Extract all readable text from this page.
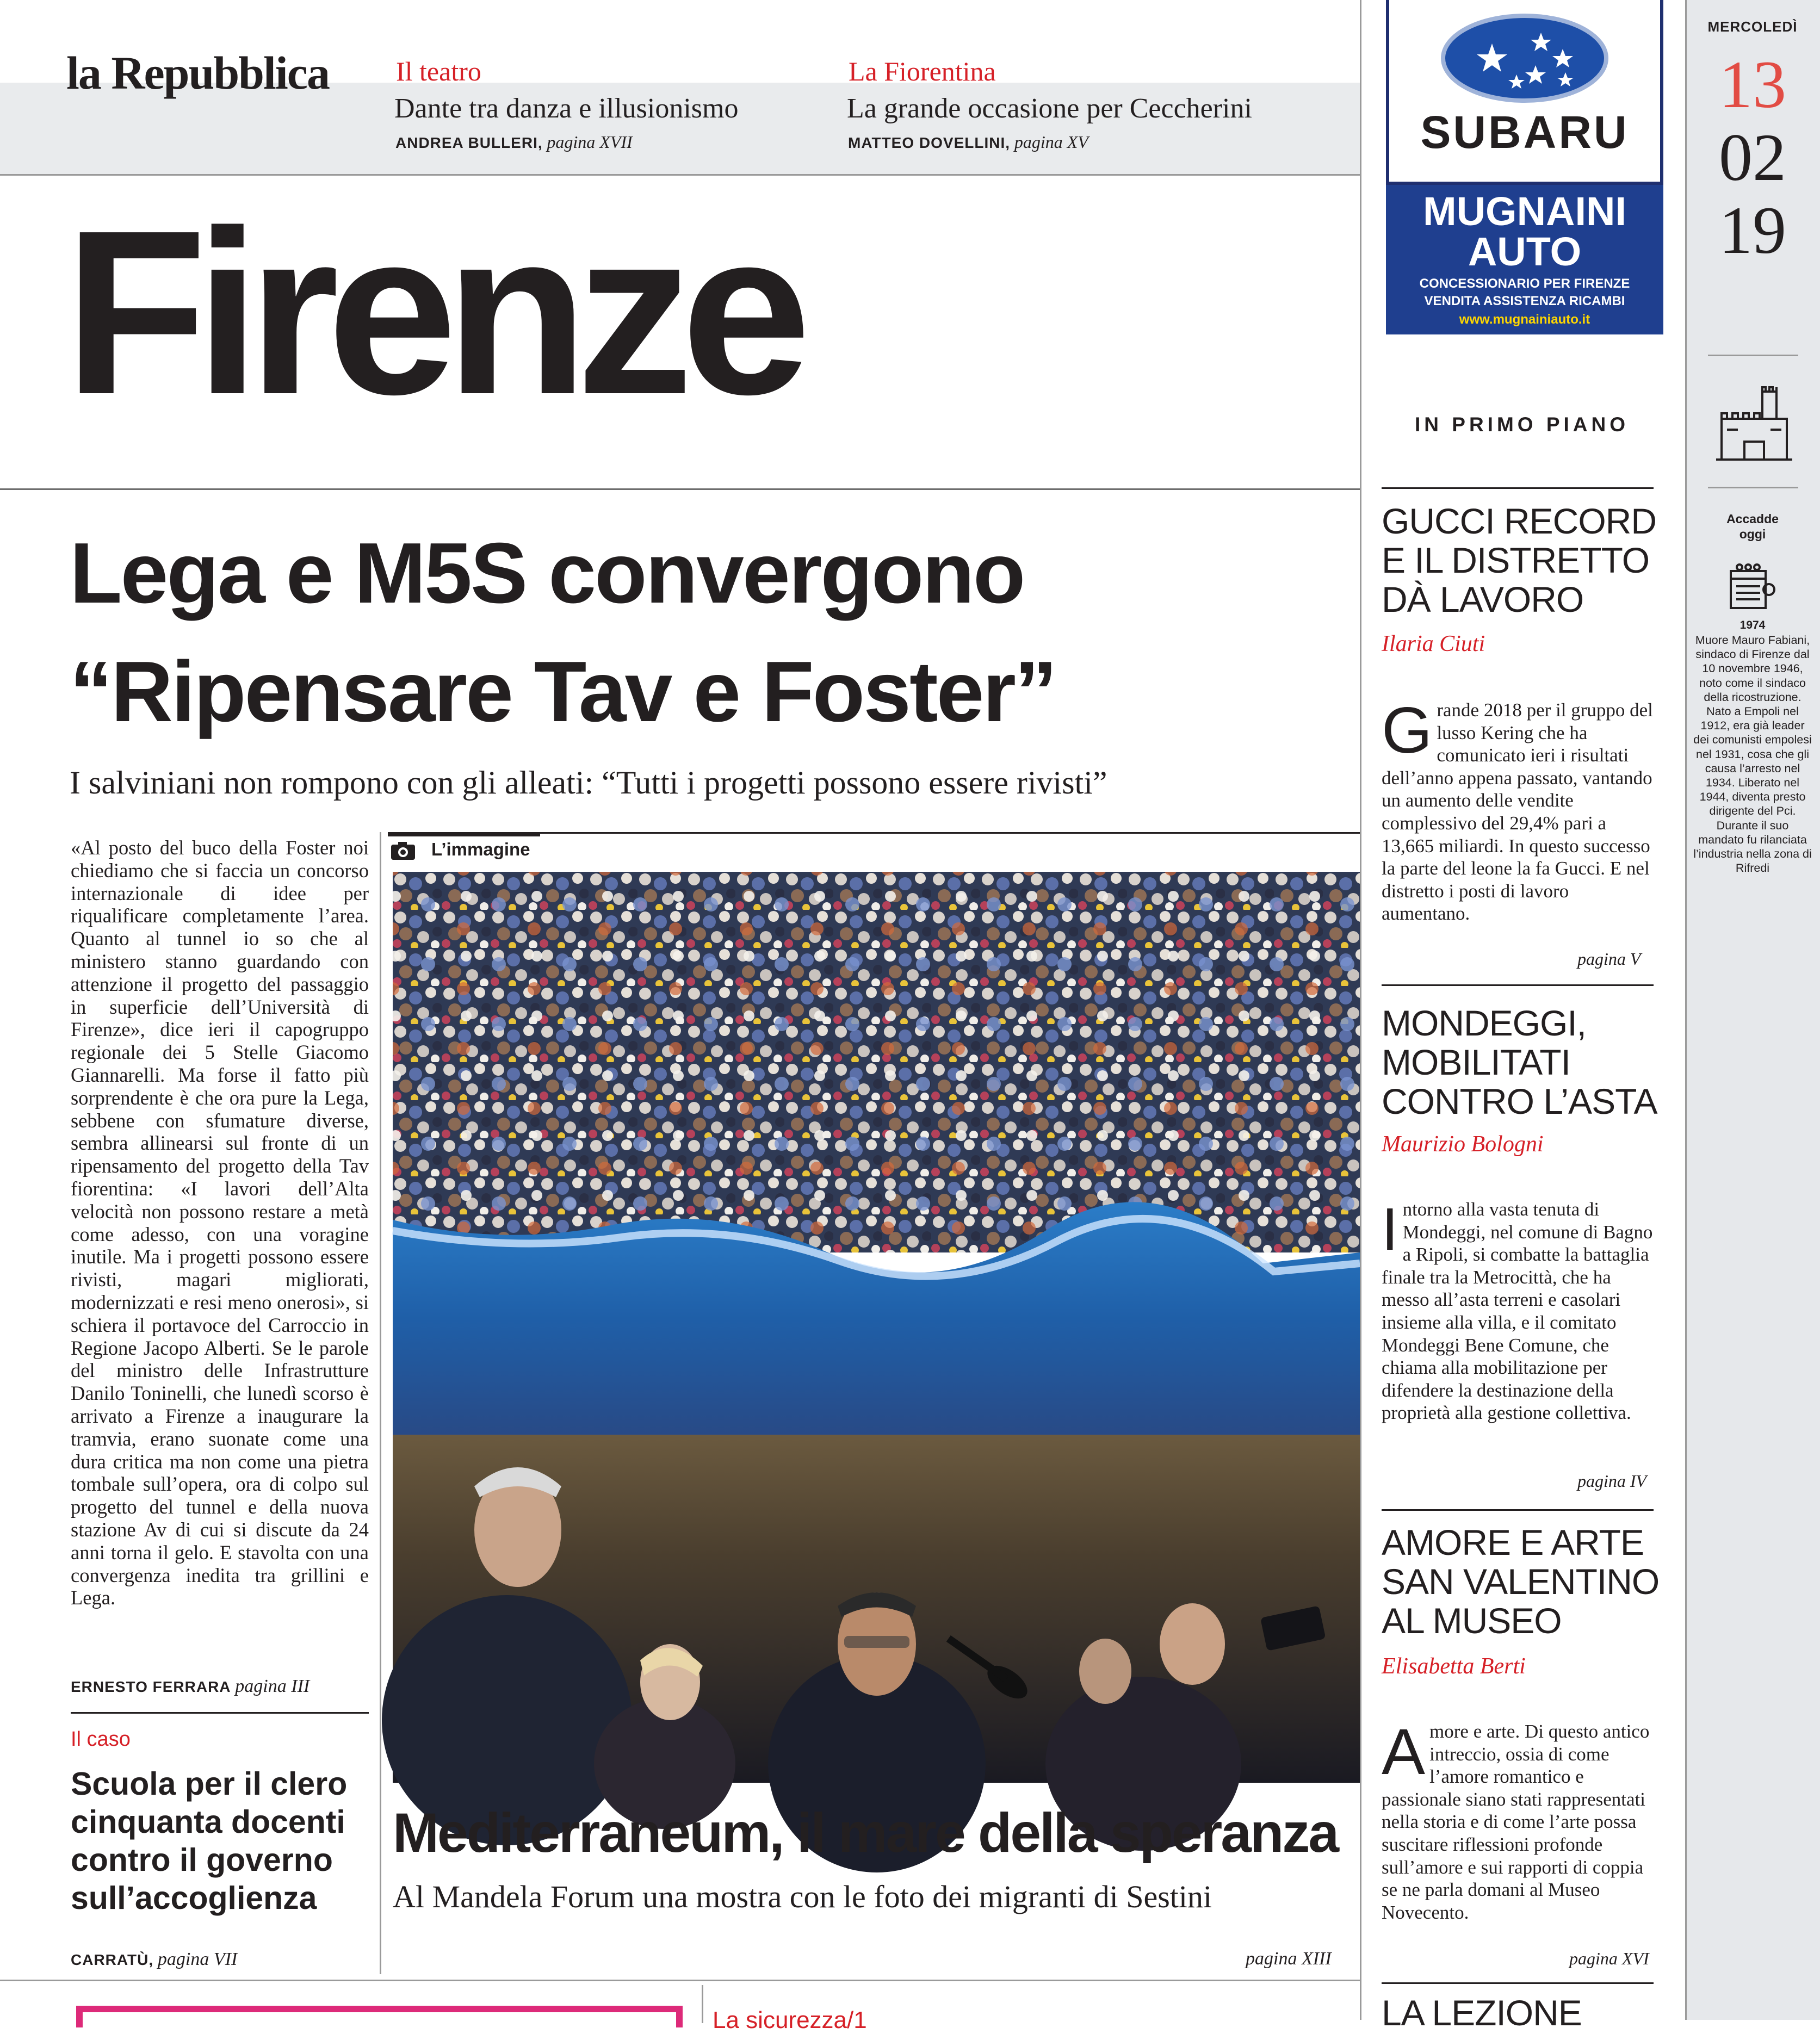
la Repubblica Il teatro
Dante tra danza e illusionismo
ANDREA BULLERI, pagina XVII
La Fiorentina
La grande occasione per Ceccherini
MATTEO DOVELLINI, pagina XV
Firenze
Lega e M5S convergono
“Ripensare Tav e Foster”
I salviniani non rompono con gli alleati: “Tutti i progetti possono essere rivisti”
«Al posto del buco della Foster noi chiediamo che si faccia un concorso internazionale di idee per riqualificare completamente l’area. Quanto al tunnel io so che al ministero stanno guardando con attenzione il progetto del passaggio in superficie dell’Università di Firenze», dice ieri il capogruppo regionale dei 5 Stelle Giacomo Giannarelli. Ma forse il fatto più sorprendente è che ora pure la Lega, sebbene con sfumature diverse, sembra allinearsi sul fronte di un ripensamento del progetto della Tav fiorentina: «I lavori dell’Alta velocità non possono restare a metà come adesso, con una voragine inutile. Ma i progetti possono essere rivisti, magari migliorati, modernizzati e resi meno onerosi», si schiera il portavoce del Carroccio in Regione Jacopo Alberti. Se le parole del ministro delle Infrastrutture Danilo Toninelli, che lunedì scorso è arrivato a Firenze a inaugurare la tramvia, erano suonate come una dura critica ma non come una pietra tombale sull’opera, ora di colpo sul progetto del tunnel e della nuova stazione Av di cui si discute da 24 anni torna il gelo. E stavolta con una convergenza inedita tra grillini e Lega.
ERNESTO FERRARA pagina III
Il caso
Scuola per il clero cinquanta docenti contro il governo sull’accoglienza
CARRATÙ, pagina VII
L’immagine
Mediterraneum, il mare della speranza
Al Mandela Forum una mostra con le foto dei migranti di Sestini
pagina XIII
La sicurezza/1
SUBARU
MUGNAINI
AUTO
CONCESSIONARIO PER FIRENZE
VENDITA ASSISTENZA RICAMBI
www.mugnainiauto.it
IN PRIMO PIANO
GUCCI RECORD E IL DISTRETTO DÀ LAVORO
Ilaria Ciuti
Grande 2018 per il gruppo del lusso Kering che ha comunicato ieri i risultati dell’anno appena passato, vantando un aumento delle vendite complessivo del 29,4% pari a 13,665 miliardi. In questo successo la parte del leone la fa Gucci. E nel distretto i posti di lavoro aumentano.
pagina V
MONDEGGI, MOBILITATI CONTRO L’ASTA
Maurizio Bologni
Intorno alla vasta tenuta di Mondeggi, nel comune di Bagno a Ripoli, si combatte la battaglia finale tra la Metrocittà, che ha messo all’asta terreni e casolari insieme alla villa, e il comitato Mondeggi Bene Comune, che chiama alla mobilitazione per difendere la destinazione della proprietà alla gestione collettiva.
pagina IV
AMORE E ARTE SAN VALENTINO AL MUSEO
Elisabetta Berti
Amore e arte. Di questo antico intreccio, ossia di come l’amore romantico e passionale siano stati rappresentati nella storia e di come l’arte possa suscitare riflessioni profonde sull’amore e sui rapporti di coppia se ne parla domani al Museo Novecento.
pagina XVI
LA LEZIONE
MERCOLEDÌ
13
02
19
Accadde
oggi
1974
Muore Mauro Fabiani, sindaco di Firenze dal 10 novembre 1946, noto come il sindaco della ricostruzione. Nato a Empoli nel 1912, era già leader dei comunisti empolesi nel 1931, cosa che gli causa l’arresto nel 1934. Liberato nel 1944, diventa presto dirigente del Pci. Durante il suo mandato fu rilanciata l’industria nella zona di Rifredi
